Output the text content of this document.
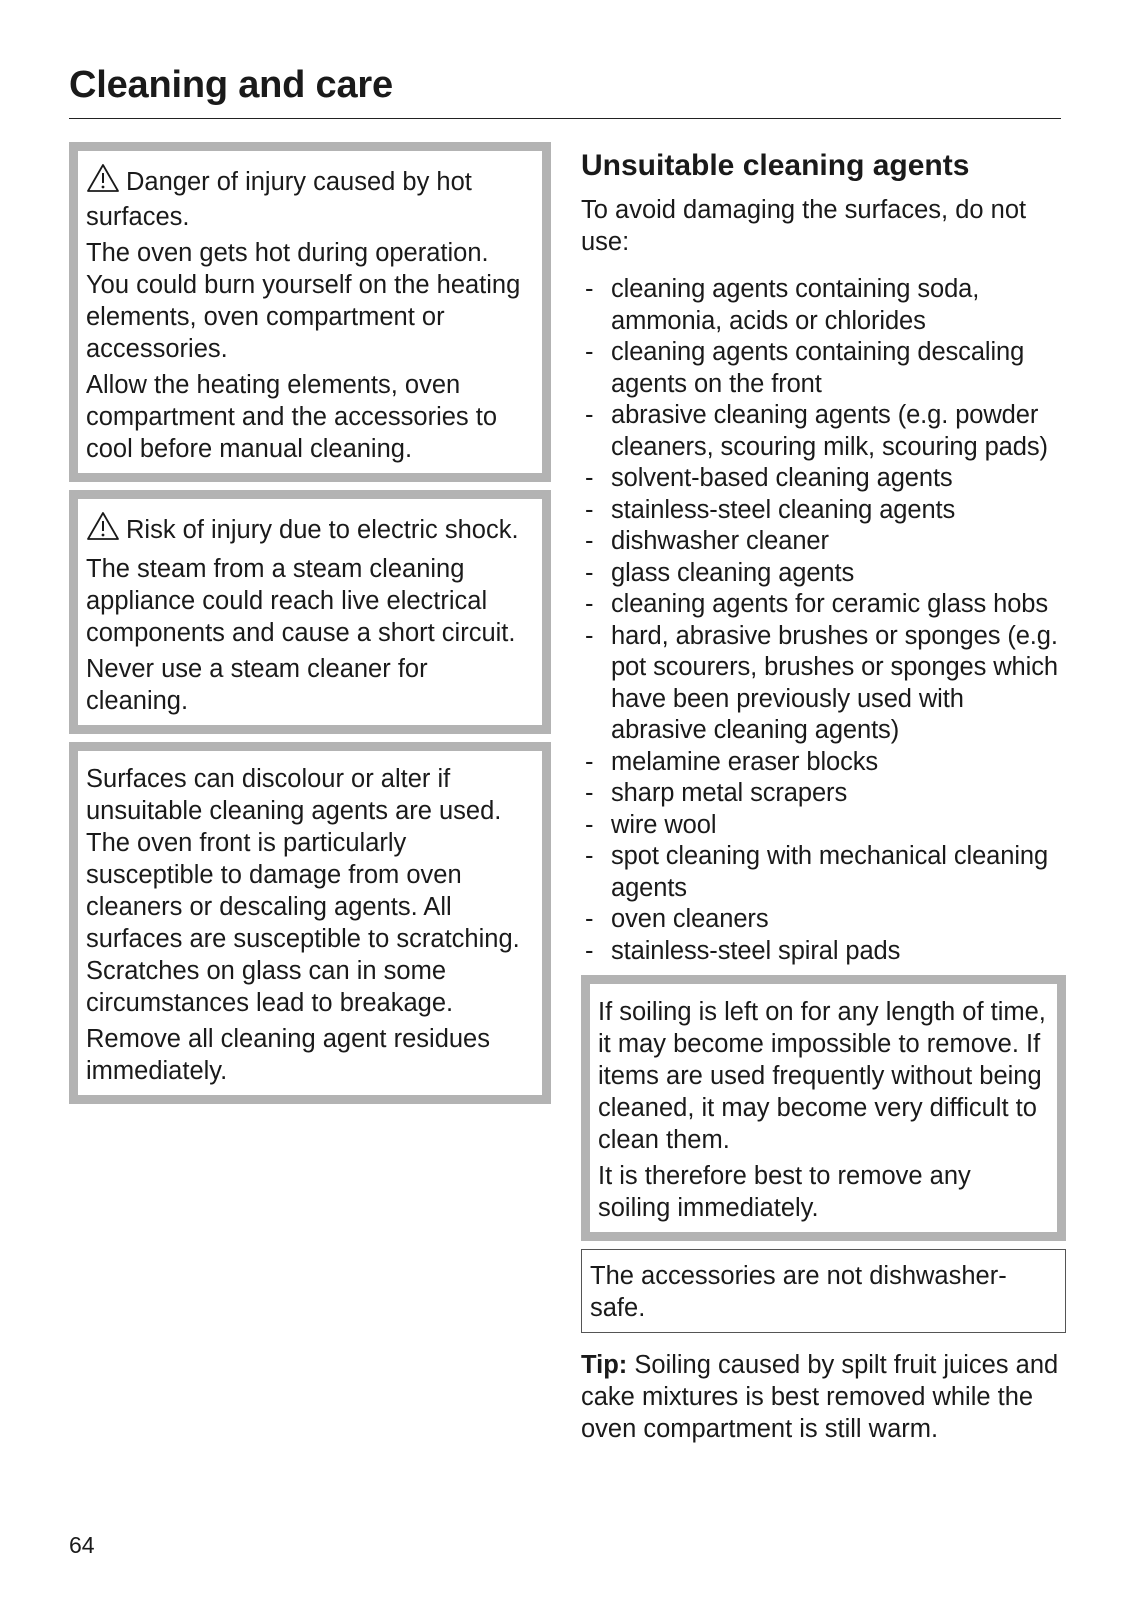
Cleaning and care

Danger of injury caused by hot surfaces.

The oven gets hot during operation. You could burn yourself on the heating elements, oven compartment or accessories.

Allow the heating elements, oven compartment and the accessories to cool before manual cleaning.

Risk of injury due to electric shock.

The steam from a steam cleaning appliance could reach live electrical components and cause a short circuit.

Never use a steam cleaner for cleaning.

Surfaces can discolour or alter if unsuitable cleaning agents are used. The oven front is particularly susceptible to damage from oven cleaners or descaling agents. All surfaces are susceptible to scratching. Scratches on glass can in some circumstances lead to breakage.

Remove all cleaning agent residues immediately.

Unsuitable cleaning agents

To avoid damaging the surfaces, do not use:

- cleaning agents containing soda, ammonia, acids or chlorides
- cleaning agents containing descaling agents on the front
- abrasive cleaning agents (e.g. powder cleaners, scouring milk, scouring pads)
- solvent-based cleaning agents
- stainless-steel cleaning agents
- dishwasher cleaner
- glass cleaning agents
- cleaning agents for ceramic glass hobs
- hard, abrasive brushes or sponges (e.g. pot scourers, brushes or sponges which have been previously used with abrasive cleaning agents)
- melamine eraser blocks
- sharp metal scrapers
- wire wool
- spot cleaning with mechanical cleaning agents
- oven cleaners
- stainless-steel spiral pads

If soiling is left on for any length of time, it may become impossible to remove. If items are used frequently without being cleaned, it may become very difficult to clean them.

It is therefore best to remove any soiling immediately.

The accessories are not dishwasher-safe.

Tip: Soiling caused by spilt fruit juices and cake mixtures is best removed while the oven compartment is still warm.

64
